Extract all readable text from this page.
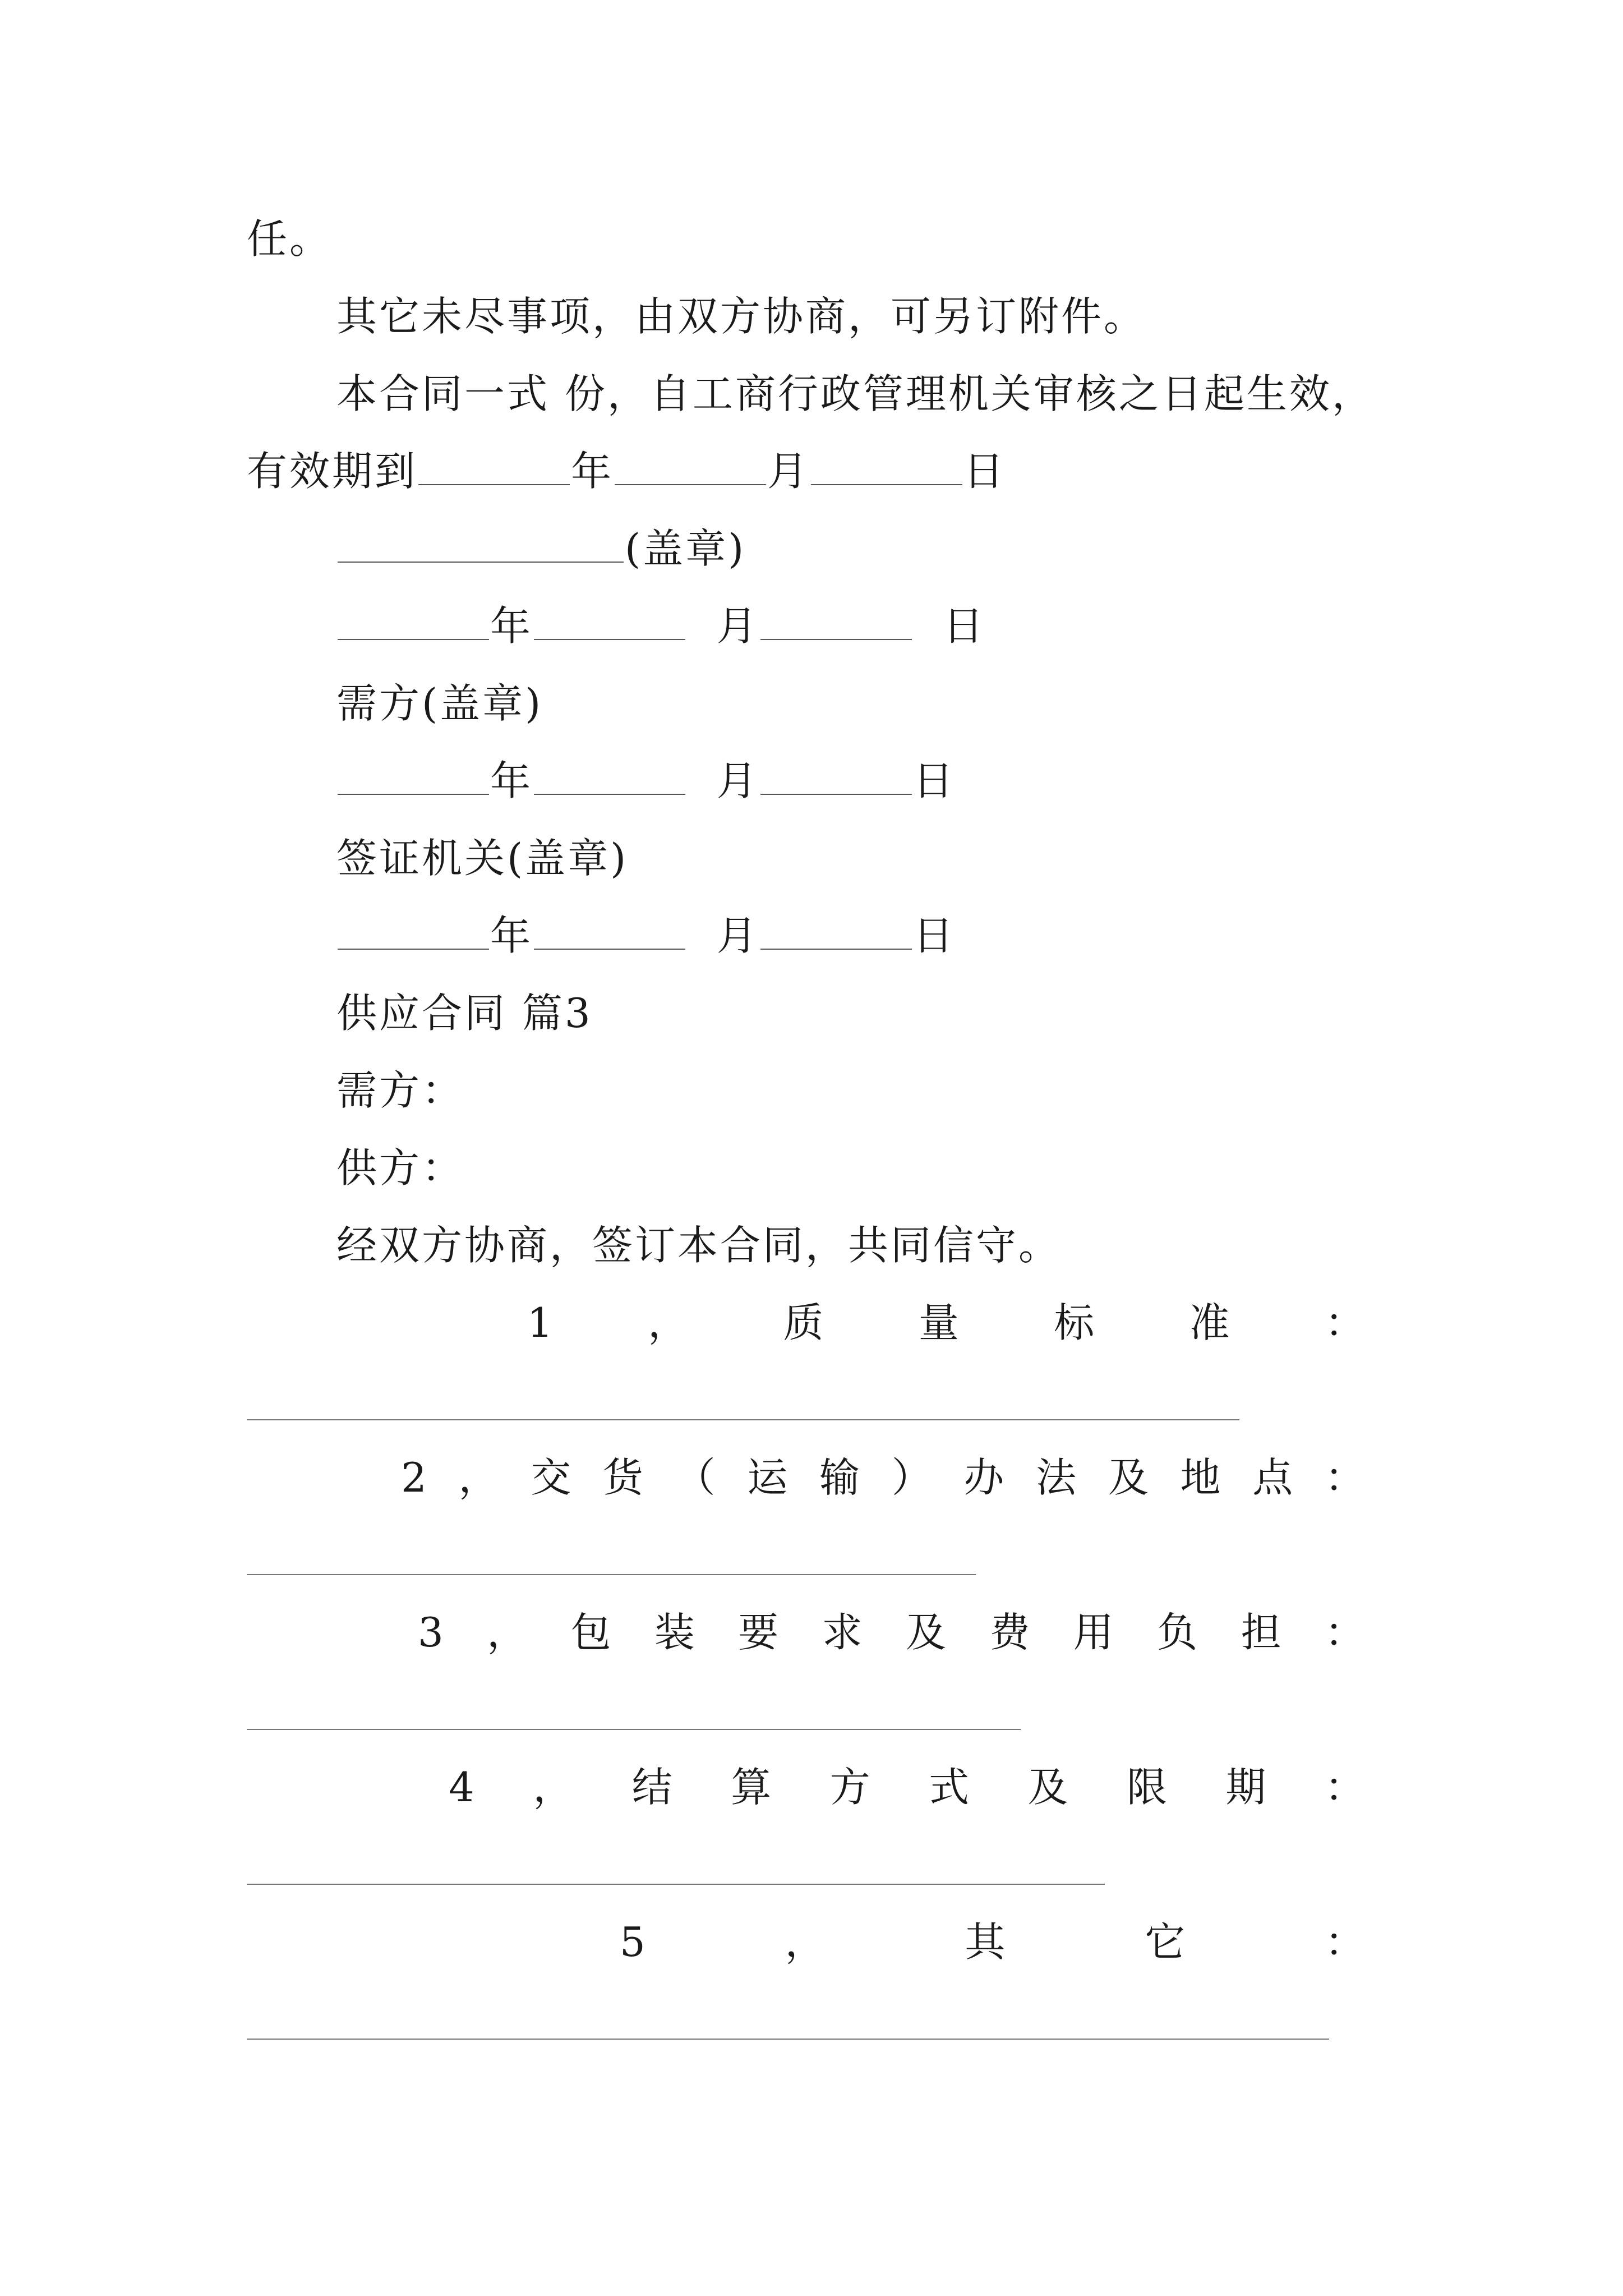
任。
其它未尽事项，由双方协商，可另订附件。
本合同一式 份，自工商行政管理机关审核之日起生效，
有效期到	年	月	日
(盖章)
年	月	日
需方(盖章)
年	月	日
签证机关(盖章)
年	月	日
供应合同 篇3
需方：
供方：
经双方协商，签订本合同，共同信守。
1 ， 质 量 标 准 ：
2 ， 交 货 （ 运 输 ） 办 法 及 地 点 ：
3 ， 包 装 要 求 及 费 用 负 担 ：
4 ， 结 算 方 式 及 限 期 ：
5	，	其	它	：
